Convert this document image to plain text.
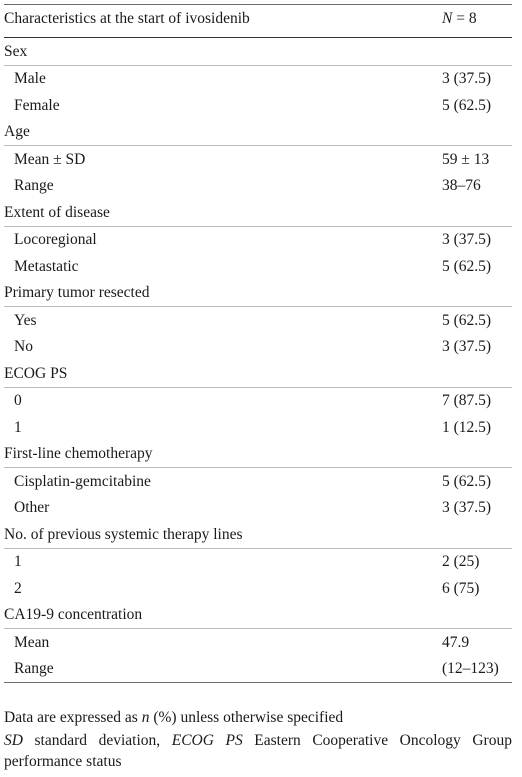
Characteristics at the start of ivosidenib	N = 8
Sex	
Male	3 (37.5)
Female	5 (62.5)
Age	
Mean ± SD	59 ± 13
Range	38–76
Extent of disease	
Locoregional	3 (37.5)
Metastatic	5 (62.5)
Primary tumor resected	
Yes	5 (62.5)
No	3 (37.5)
ECOG PS	
0	7 (87.5)
1	1 (12.5)
First-line chemotherapy	
Cisplatin-gemcitabine	5 (62.5)
Other	3 (37.5)
No. of previous systemic therapy lines	
1	2 (25)
2	6 (75)
CA19-9 concentration	
Mean	47.9
Range	(12–123)

Data are expressed as n (%) unless otherwise specified

SD standard deviation, ECOG PS Eastern Cooperative Oncology Group performance status
